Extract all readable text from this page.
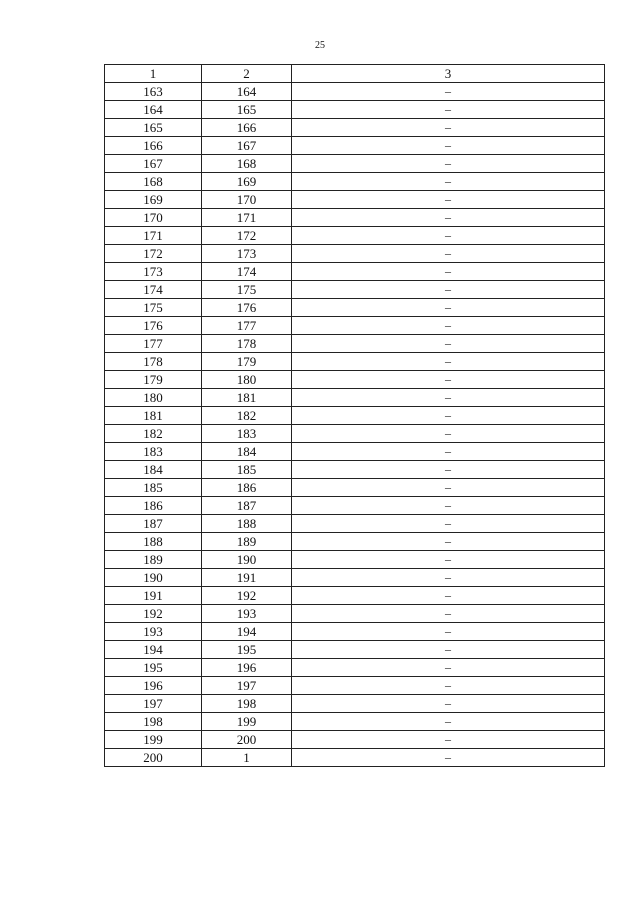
25
1	2	3
163	164	–
164	165	–
165	166	–
166	167	–
167	168	–
168	169	–
169	170	–
170	171	–
171	172	–
172	173	–
173	174	–
174	175	–
175	176	–
176	177	–
177	178	–
178	179	–
179	180	–
180	181	–
181	182	–
182	183	–
183	184	–
184	185	–
185	186	–
186	187	–
187	188	–
188	189	–
189	190	–
190	191	–
191	192	–
192	193	–
193	194	–
194	195	–
195	196	–
196	197	–
197	198	–
198	199	–
199	200	–
200	1	–
